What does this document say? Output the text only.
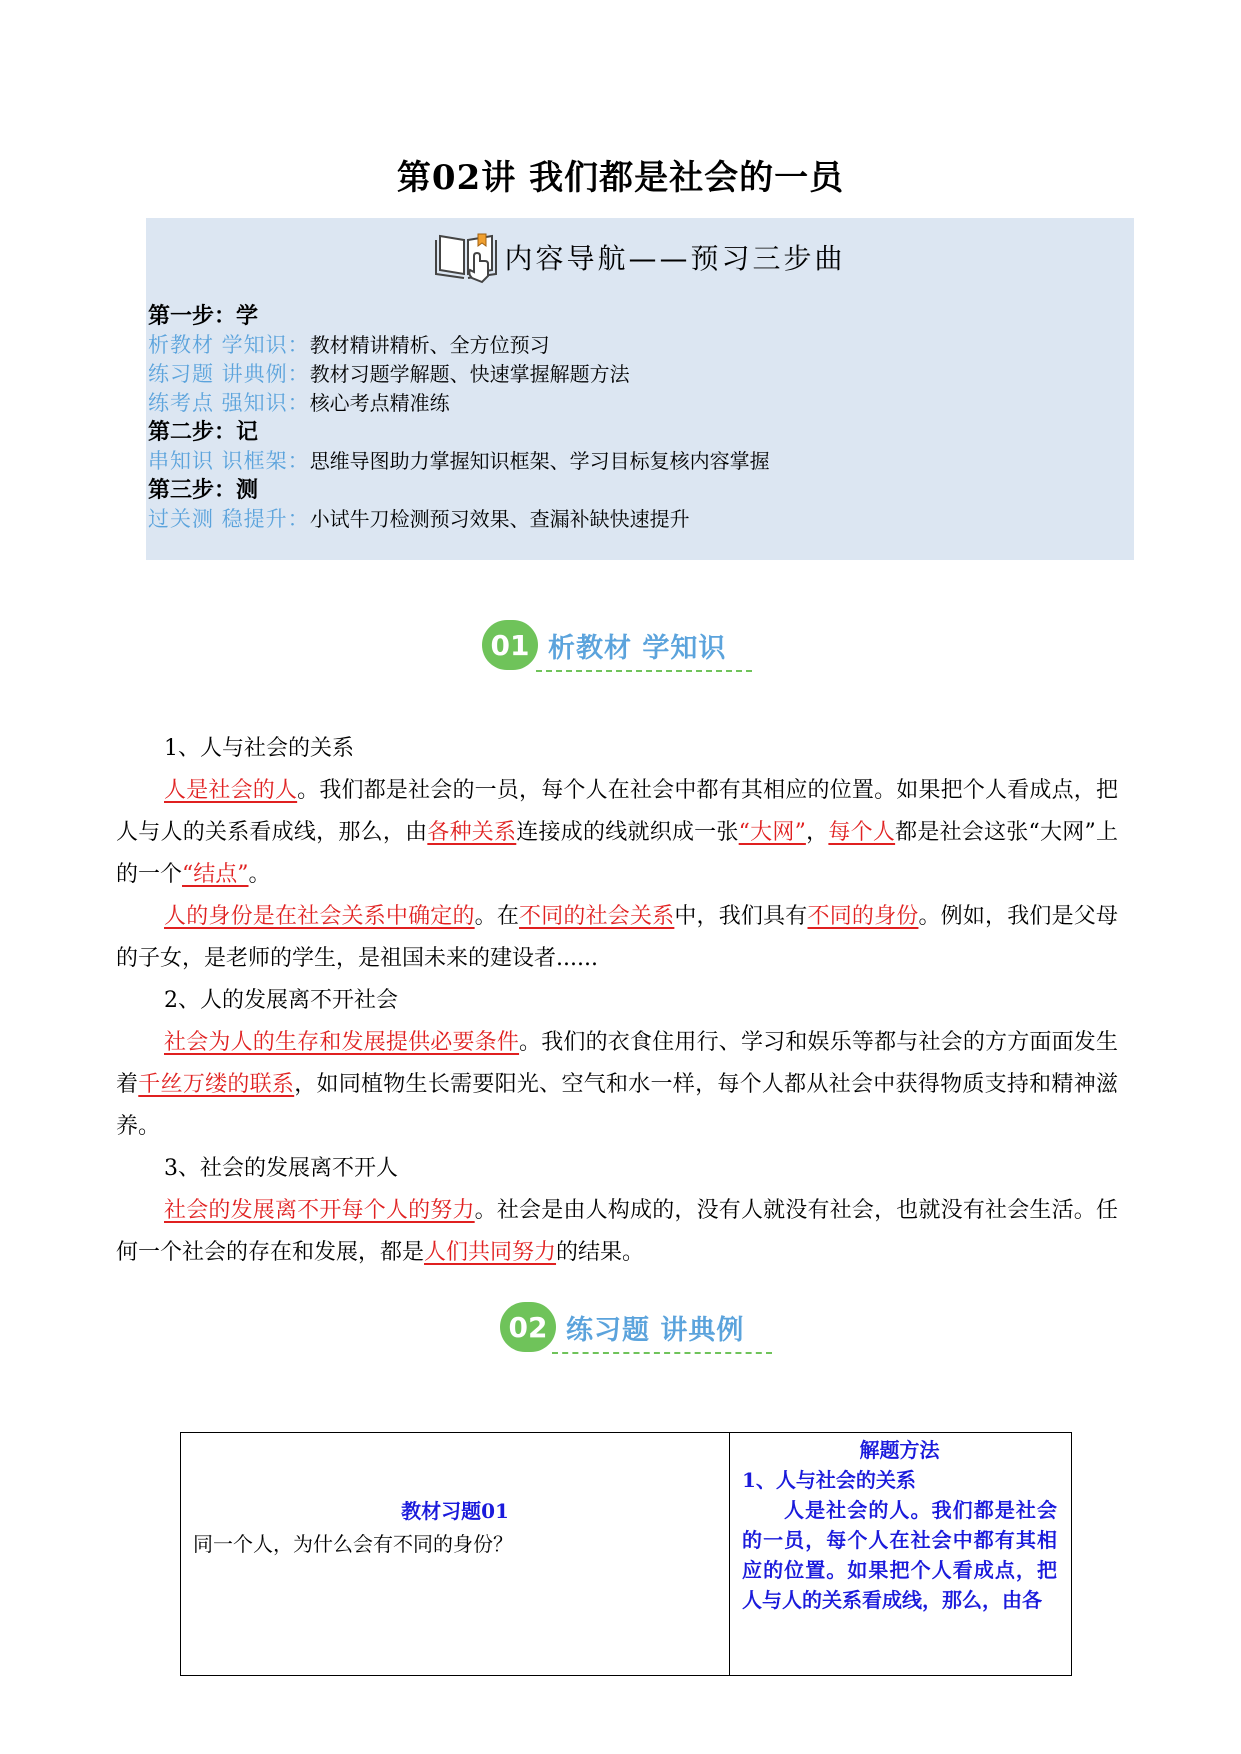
第02讲 我们都是社会的一员
内容导航——预习三步曲
第一步：学
析教材 学知识：教材精讲精析、全方位预习
练习题 讲典例：教材习题学解题、快速掌握解题方法
练考点 强知识：核心考点精准练
第二步：记
串知识 识框架：思维导图助力掌握知识框架、学习目标复核内容掌握
第三步：测
过关测 稳提升：小试牛刀检测预习效果、查漏补缺快速提升
01 析教材 学知识

1、人与社会的关系

人是社会的人。我们都是社会的一员，每个人在社会中都有其相应的位置。如果把个人看成点，把人与人的关系看成线，那么，由各种关系连接成的线就织成一张“大网”，每个人都是社会这张“大网”上的一个“结点”。

人的身份是在社会关系中确定的。在不同的社会关系中，我们具有不同的身份。例如，我们是父母的子女，是老师的学生，是祖国未来的建设者......

2、人的发展离不开社会

社会为人的生存和发展提供必要条件。我们的衣食住用行、学习和娱乐等都与社会的方方面面发生着千丝万缕的联系，如同植物生长需要阳光、空气和水一样，每个人都从社会中获得物质支持和精神滋养。

3、社会的发展离不开人

社会的发展离不开每个人的努力。社会是由人构成的，没有人就没有社会，也就没有社会生活。任何一个社会的存在和发展，都是人们共同努力的结果。

02 练习题 讲典例
教材习题01
同一个人，为什么会有不同的身份？

解题方法
1、人与社会的关系
人是社会的人。我们都是社会的一员，每个人在社会中都有其相应的位置。如果把个人看成点，把人与人的关系看成线，那么，由各
